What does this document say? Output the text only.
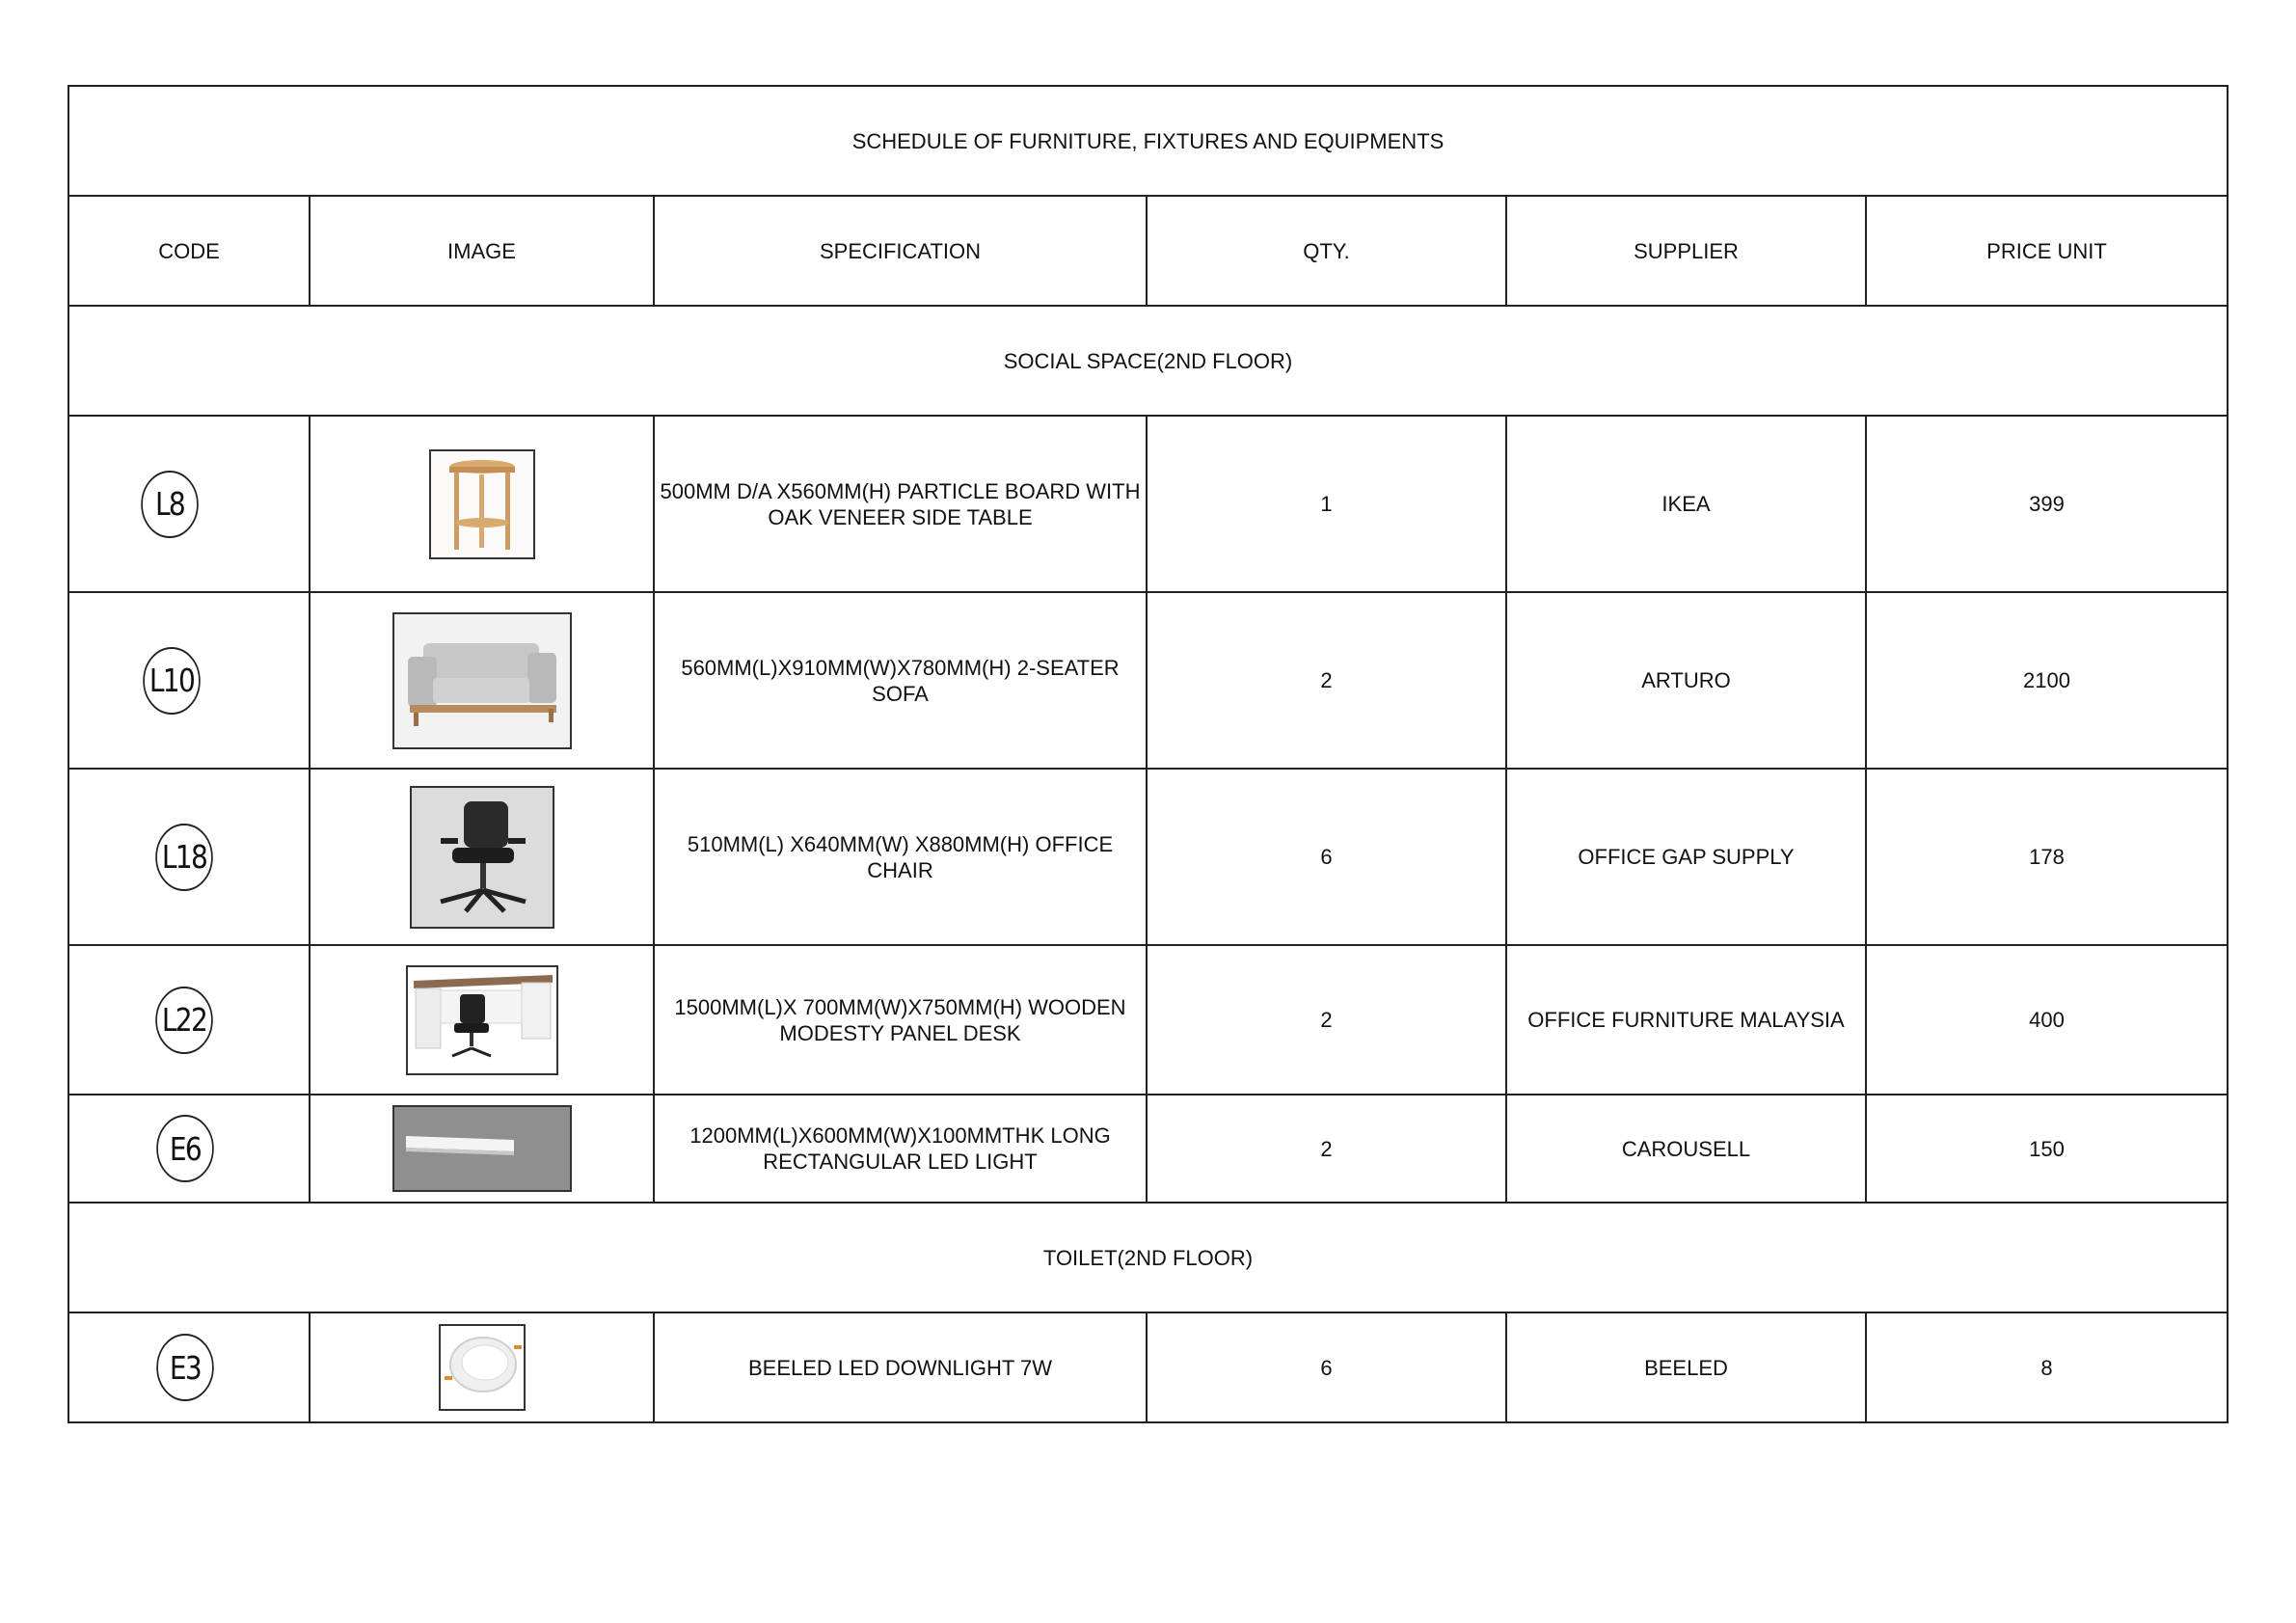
SCHEDULE OF FURNITURE, FIXTURES AND EQUIPMENTS					
CODE	IMAGE	SPECIFICATION	QTY.	SUPPLIER	PRICE UNIT
SOCIAL SPACE(2ND FLOOR)					
L8		500MM D/A X560MM(H) PARTICLE BOARD WITH OAK VENEER SIDE TABLE	1	IKEA	399
L10		560MM(L)X910MM(W)X780MM(H) 2-SEATER SOFA	2	ARTURO	2100
L18		510MM(L) X640MM(W) X880MM(H) OFFICE CHAIR	6	OFFICE GAP SUPPLY	178
L22		1500MM(L)X 700MM(W)X750MM(H) WOODEN MODESTY PANEL DESK	2	OFFICE FURNITURE MALAYSIA	400
E6		1200MM(L)X600MM(W)X100MMTHK LONG RECTANGULAR LED LIGHT	2	CAROUSELL	150
TOILET(2ND FLOOR)					
E3		BEELED LED DOWNLIGHT 7W	6	BEELED	8
